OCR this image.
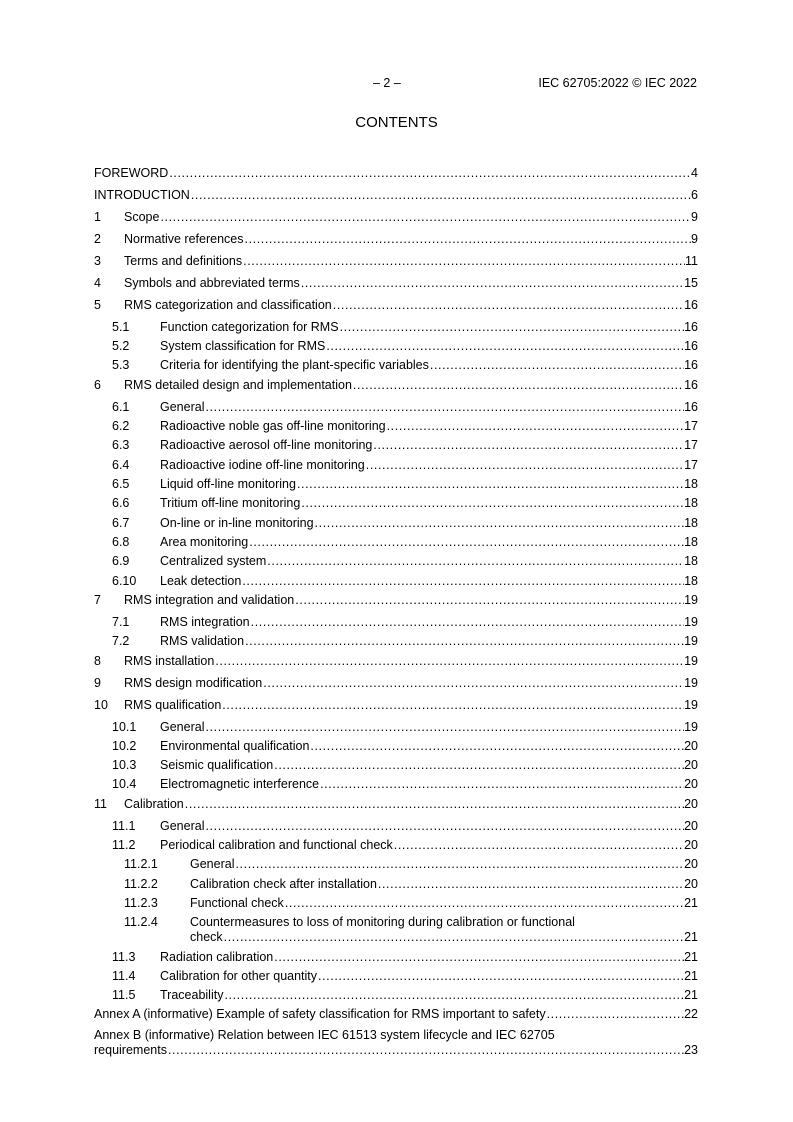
– 2 –	IEC 62705:2022 © IEC 2022
CONTENTS
FOREWORD .....	4
INTRODUCTION .....	6
1 Scope .....	9
2 Normative references .....	9
3 Terms and definitions .....	11
4 Symbols and abbreviated terms .....	15
5 RMS categorization and classification .....	16
5.1 Function categorization for RMS .....	16
5.2 System classification for RMS .....	16
5.3 Criteria for identifying the plant-specific variables .....	16
6 RMS detailed design and implementation .....	16
6.1 General .....	16
6.2 Radioactive noble gas off-line monitoring .....	17
6.3 Radioactive aerosol off-line monitoring .....	17
6.4 Radioactive iodine off-line monitoring .....	17
6.5 Liquid off-line monitoring .....	18
6.6 Tritium off-line monitoring .....	18
6.7 On-line or in-line monitoring .....	18
6.8 Area monitoring .....	18
6.9 Centralized system .....	18
6.10 Leak detection .....	18
7 RMS integration and validation .....	19
7.1 RMS integration .....	19
7.2 RMS validation .....	19
8 RMS installation .....	19
9 RMS design modification .....	19
10 RMS qualification .....	19
10.1 General .....	19
10.2 Environmental qualification .....	20
10.3 Seismic qualification .....	20
10.4 Electromagnetic interference .....	20
11 Calibration .....	20
11.1 General .....	20
11.2 Periodical calibration and functional check .....	20
11.2.1	General .....	20
11.2.2	Calibration check after installation .....	20
11.2.3	Functional check .....	21
11.2.4	Countermeasures to loss of monitoring during calibration or functional
check .....	21
11.3 Radiation calibration .....	21
11.4 Calibration for other quantity .....	21
11.5 Traceability .....	21
Annex A (informative) Example of safety classification for RMS important to safety .....	22
Annex B (informative) Relation between IEC 61513 system lifecycle and IEC 62705
requirements .....	23
